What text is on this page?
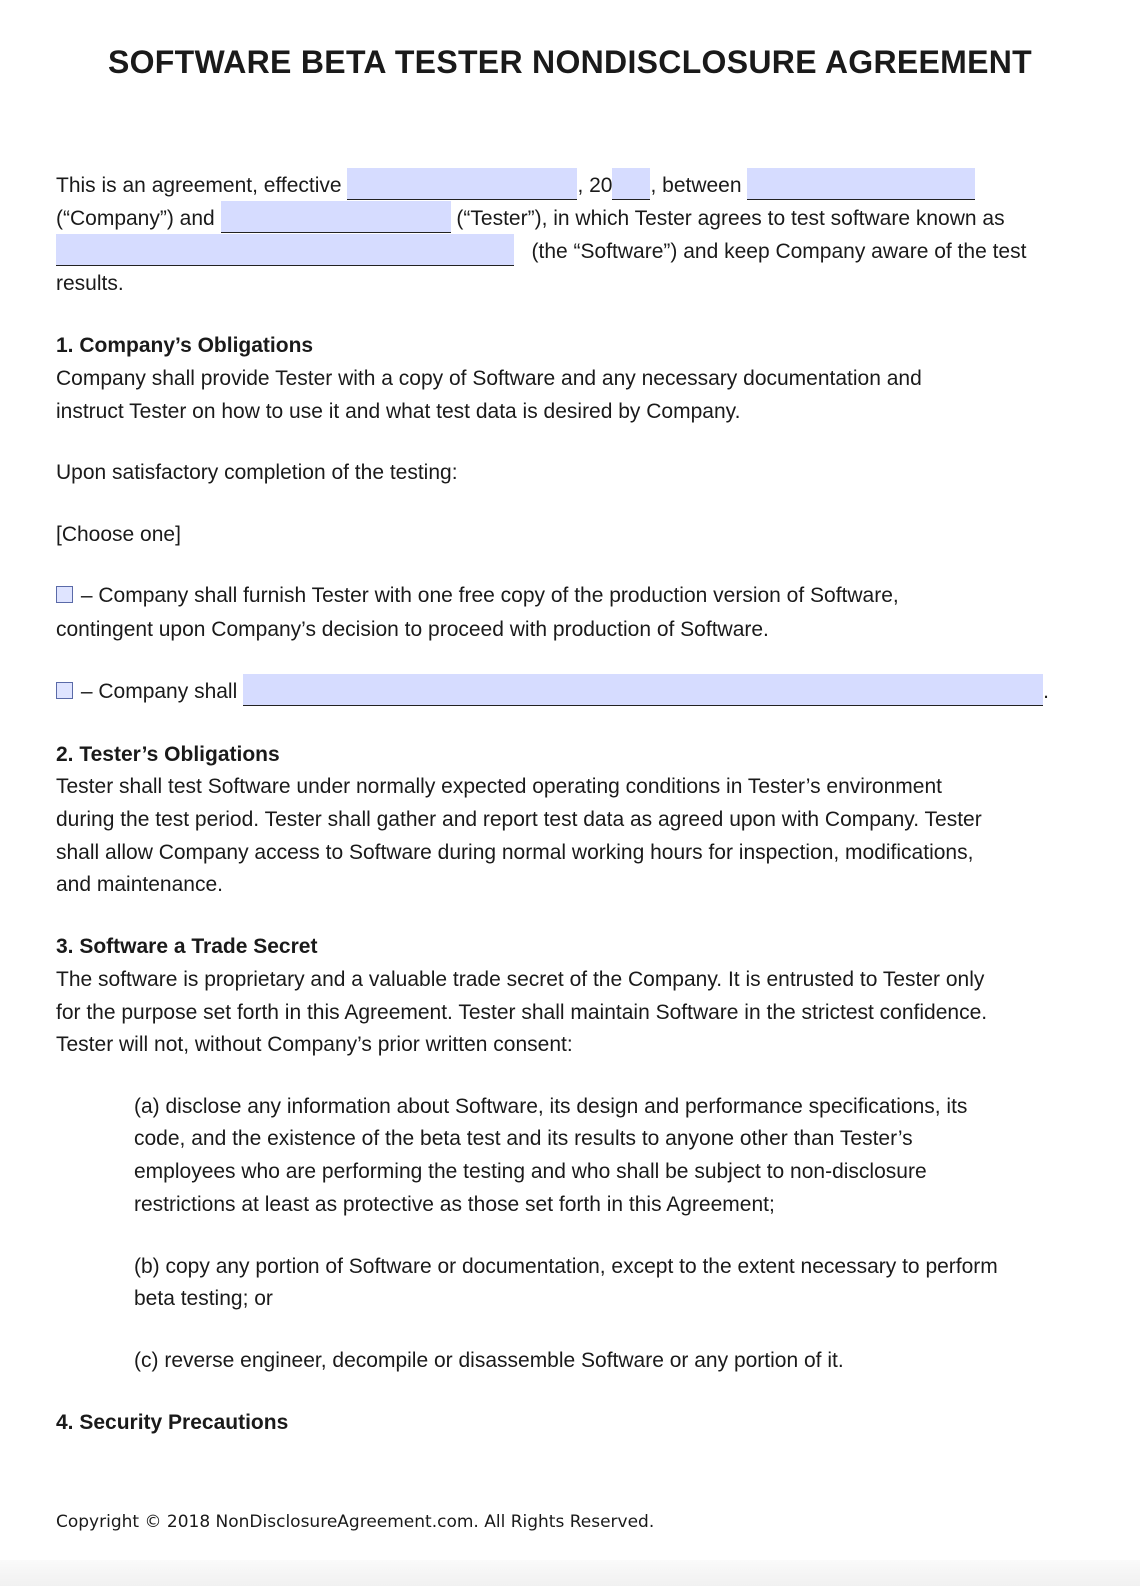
SOFTWARE BETA TESTER NONDISCLOSURE AGREEMENT
This is an agreement, effective	, 20 , between
(“Company”) and	(“Tester”), in which Tester agrees to test software known as
(the “Software”) and keep Company aware of the test
results.
1. Company’s Obligations
Company shall provide Tester with a copy of Software and any necessary documentation and
instruct Tester on how to use it and what test data is desired by Company.
Upon satisfactory completion of the testing:
[Choose one]
– Company shall furnish Tester with one free copy of the production version of Software,
contingent upon Company’s decision to proceed with production of Software.
– Company shall	.
2. Tester’s Obligations
Tester shall test Software under normally expected operating conditions in Tester’s environment
during the test period. Tester shall gather and report test data as agreed upon with Company. Tester
shall allow Company access to Software during normal working hours for inspection, modifications,
and maintenance.
3. Software a Trade Secret
The software is proprietary and a valuable trade secret of the Company. It is entrusted to Tester only
for the purpose set forth in this Agreement. Tester shall maintain Software in the strictest confidence.
Tester will not, without Company’s prior written consent:
(a) disclose any information about Software, its design and performance specifications, its
code, and the existence of the beta test and its results to anyone other than Tester’s
employees who are performing the testing and who shall be subject to non-disclosure
restrictions at least as protective as those set forth in this Agreement;
(b) copy any portion of Software or documentation, except to the extent necessary to perform
beta testing; or
(c) reverse engineer, decompile or disassemble Software or any portion of it.
4. Security Precautions
Copyright © 2018 NonDisclosureAgreement.com. All Rights Reserved.
